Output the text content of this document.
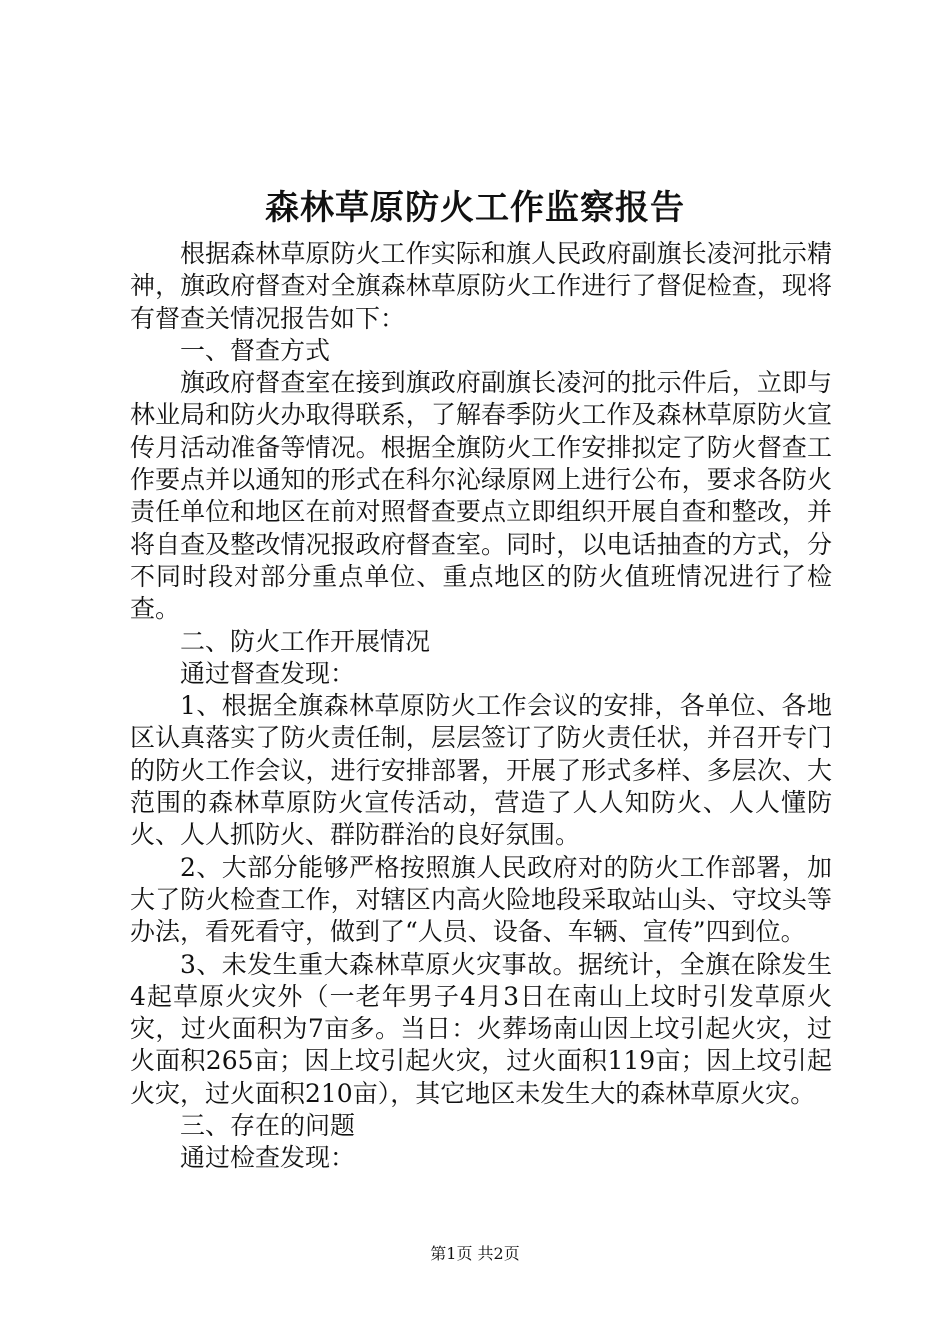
森林草原防火工作监察报告

根据森林草原防火工作实际和旗人民政府副旗长凌河批示精神，旗政府督查对全旗森林草原防火工作进行了督促检查，现将有督查关情况报告如下：

一、督查方式

旗政府督查室在接到旗政府副旗长凌河的批示件后，立即与林业局和防火办取得联系，了解春季防火工作及森林草原防火宣传月活动准备等情况。根据全旗防火工作安排拟定了防火督查工作要点并以通知的形式在科尔沁绿原网上进行公布，要求各防火责任单位和地区在前对照督查要点立即组织开展自查和整改，并将自查及整改情况报政府督查室。同时，以电话抽查的方式，分不同时段对部分重点单位、重点地区的防火值班情况进行了检查。

二、防火工作开展情况

通过督查发现：

1、根据全旗森林草原防火工作会议的安排，各单位、各地区认真落实了防火责任制，层层签订了防火责任状，并召开专门的防火工作会议，进行安排部署，开展了形式多样、多层次、大范围的森林草原防火宣传活动，营造了人人知防火、人人懂防火、人人抓防火、群防群治的良好氛围。

2、大部分能够严格按照旗人民政府对的防火工作部署，加大了防火检查工作，对辖区内高火险地段采取站山头、守坟头等办法，看死看守，做到了“人员、设备、车辆、宣传”四到位。

3、未发生重大森林草原火灾事故。据统计，全旗在除发生4起草原火灾外（一老年男子4月3日在南山上坟时引发草原火灾，过火面积为7亩多。当日：火葬场南山因上坟引起火灾，过火面积265亩；因上坟引起火灾，过火面积119亩；因上坟引起火灾，过火面积210亩），其它地区未发生大的森林草原火灾。

三、存在的问题

通过检查发现：

第1页 共2页
